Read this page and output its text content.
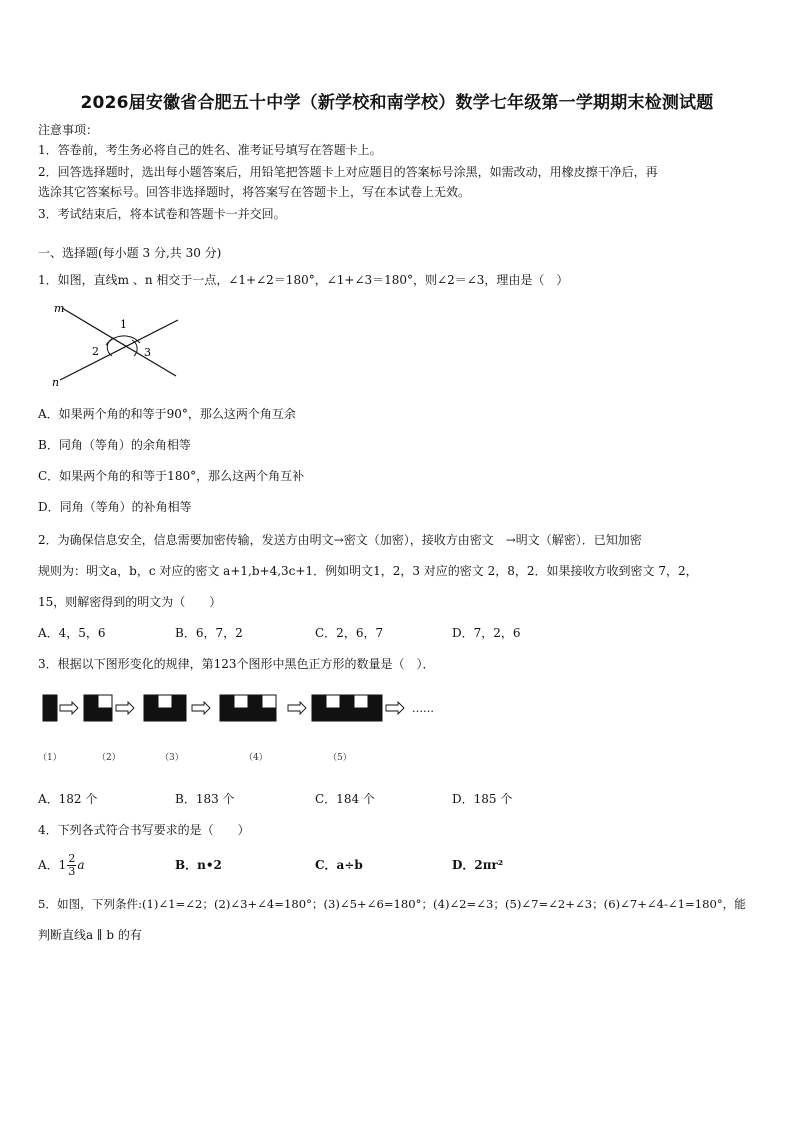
2026届安徽省合肥五十中学（新学校和南学校）数学七年级第一学期期末检测试题
注意事项：
1．答卷前，考生务必将自己的姓名、准考证号填写在答题卡上。
2．回答选择题时，选出每小题答案后，用铅笔把答题卡上对应题目的答案标号涂黑，如需改动，用橡皮擦干净后，再
选涂其它答案标号。回答非选择题时，将答案写在答题卡上，写在本试卷上无效。
3．考试结束后，将本试卷和答题卡一并交回。
一、选择题(每小题 3 分,共 30 分)
1．如图，直线m 、n 相交于一点，∠1+∠2＝180°，∠1+∠3＝180°，则∠2＝∠3，理由是（　）
m
n
1
2	3
A．如果两个角的和等于90°，那么这两个角互余
B．同角（等角）的余角相等
C．如果两个角的和等于180°，那么这两个角互补
D．同角（等角）的补角相等
2．为确保信息安全，信息需要加密传输，发送方由明文→密文（加密），接收方由密文　→明文（解密）．已知加密
规则为：明文a，b，c 对应的密文 a+1,b+4,3c+1．例如明文1，2，3 对应的密文 2，8，2．如果接收方收到密文 7，2，
15，则解密得到的明文为（　　）
A．4，5，6	B．6，7，2	C．2，6，7	D．7，2，6
3．根据以下图形变化的规律，第123个图形中黑色正方形的数量是（　）．
……
（1）	（2）	（3）	（4）	（5）
A．182 个	B．183 个	C．184 个	D．185 个
4．下列各式符合书写要求的是（　　）
A．$1 \frac{2}{3}$ a	B．n•2	C．a÷b	D．2πr²
5．如图，下列条件:(1)∠1=∠2；(2)∠3+∠4=180°；(3)∠5+∠6=180°；(4)∠2=∠3；(5)∠7=∠2+∠3；(6)∠7+∠4-∠1=180°，能
判断直线a ∥ b 的有
